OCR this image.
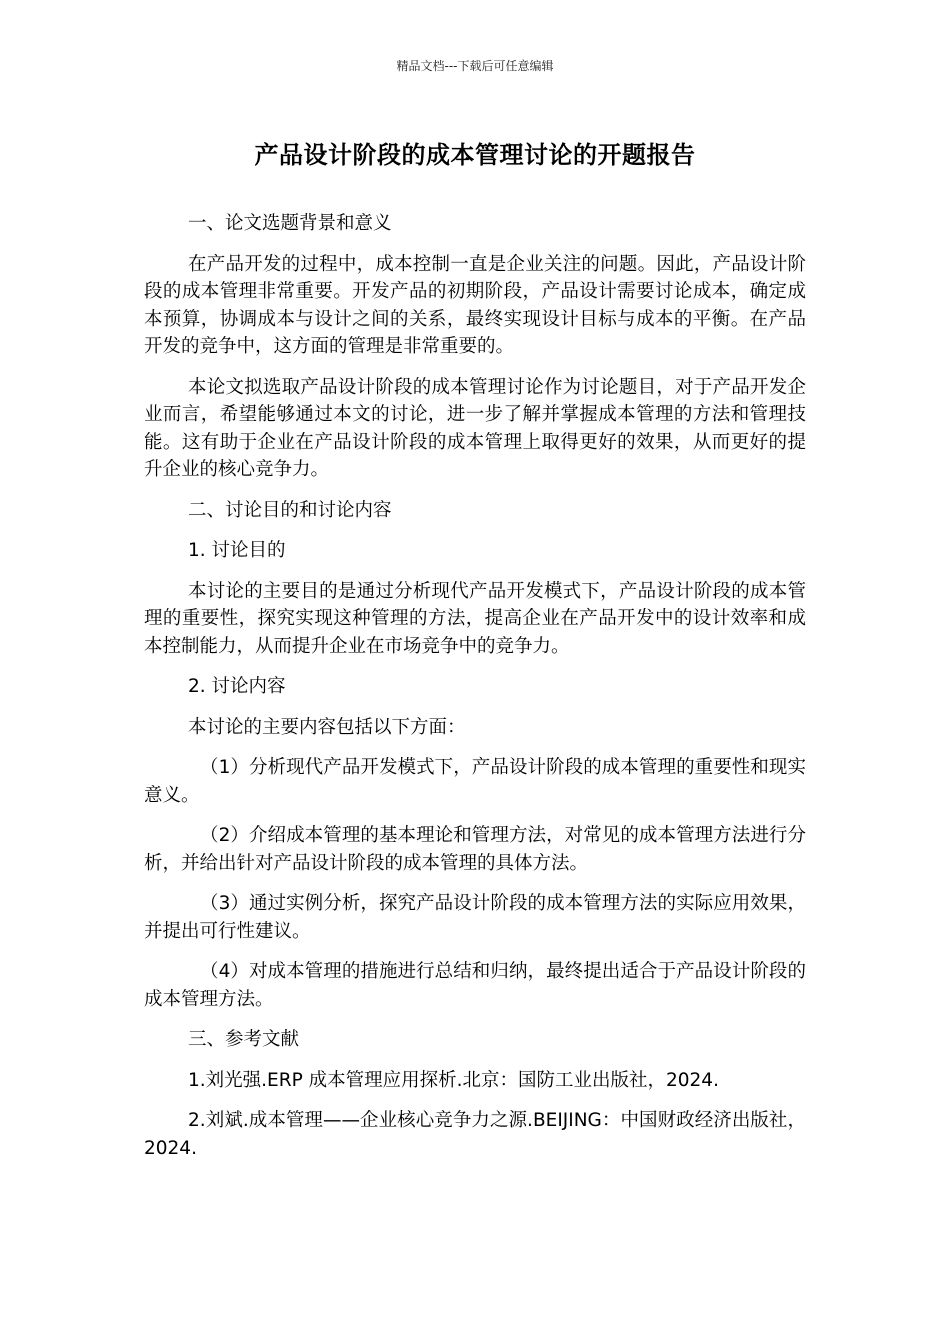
精品文档---下载后可任意编辑
产品设计阶段的成本管理讨论的开题报告

一、论文选题背景和意义

在产品开发的过程中，成本控制一直是企业关注的问题。因此，产品设计阶段的成本管理非常重要。开发产品的初期阶段，产品设计需要讨论成本，确定成本预算，协调成本与设计之间的关系，最终实现设计目标与成本的平衡。在产品开发的竞争中，这方面的管理是非常重要的。

本论文拟选取产品设计阶段的成本管理讨论作为讨论题目，对于产品开发企业而言，希望能够通过本文的讨论，进一步了解并掌握成本管理的方法和管理技能。这有助于企业在产品设计阶段的成本管理上取得更好的效果，从而更好的提升企业的核心竞争力。

二、讨论目的和讨论内容

1. 讨论目的

本讨论的主要目的是通过分析现代产品开发模式下，产品设计阶段的成本管理的重要性，探究实现这种管理的方法，提高企业在产品开发中的设计效率和成本控制能力，从而提升企业在市场竞争中的竞争力。

2. 讨论内容

本讨论的主要内容包括以下方面：

（1）分析现代产品开发模式下，产品设计阶段的成本管理的重要性和现实意义。

（2）介绍成本管理的基本理论和管理方法，对常见的成本管理方法进行分析，并给出针对产品设计阶段的成本管理的具体方法。

（3）通过实例分析，探究产品设计阶段的成本管理方法的实际应用效果，并提出可行性建议。

（4）对成本管理的措施进行总结和归纳，最终提出适合于产品设计阶段的成本管理方法。

三、参考文献

1.刘光强.ERP 成本管理应用探析.北京：国防工业出版社，2024.

2.刘斌.成本管理——企业核心竞争力之源.BEIJING：中国财政经济出版社，2024.
